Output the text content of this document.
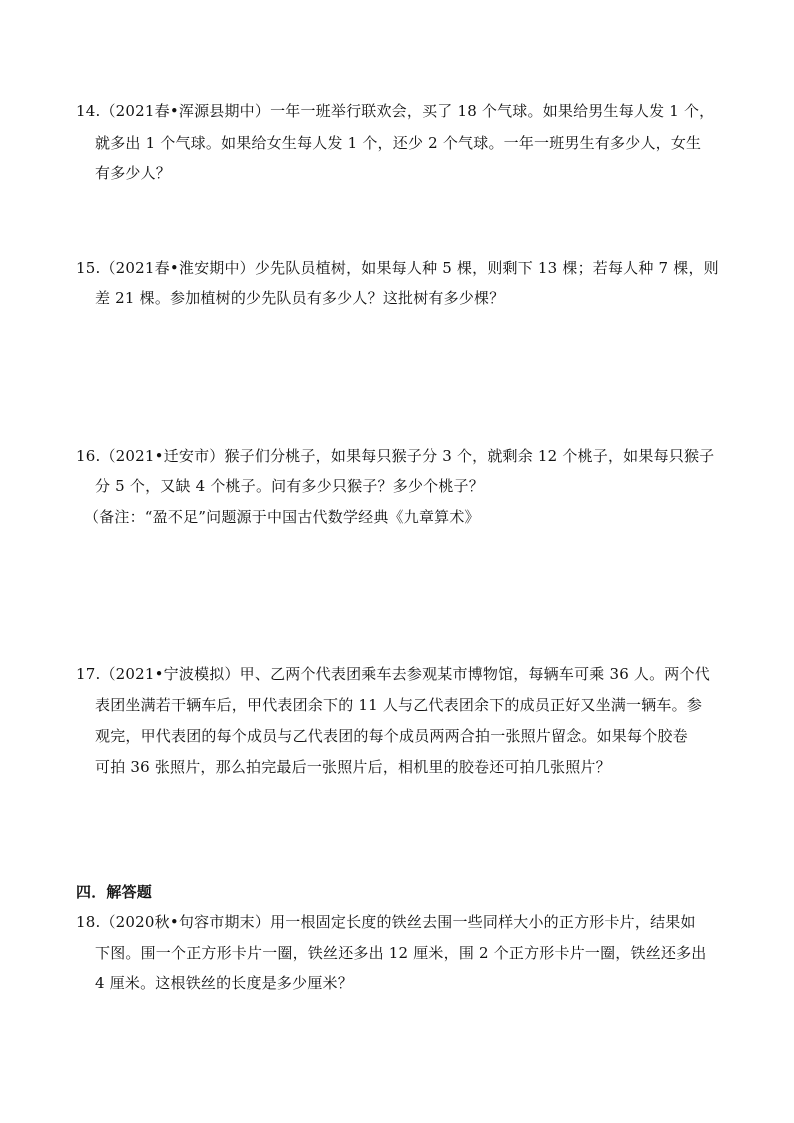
14.（2021春•浑源县期中）一年一班举行联欢会，买了 18 个气球。如果给男生每人发 1 个，
就多出 1 个气球。如果给女生每人发 1 个，还少 2 个气球。一年一班男生有多少人，女生
有多少人？
15.（2021春•淮安期中）少先队员植树，如果每人种 5 棵，则剩下 13 棵；若每人种 7 棵，则
差 21 棵。参加植树的少先队员有多少人？这批树有多少棵？
16.（2021•迁安市）猴子们分桃子，如果每只猴子分 3 个，就剩余 12 个桃子，如果每只猴子
分 5 个，又缺 4 个桃子。问有多少只猴子？多少个桃子？
（备注：“盈不足”问题源于中国古代数学经典《九章算术》
17.（2021•宁波模拟）甲、乙两个代表团乘车去参观某市博物馆，每辆车可乘 36 人。两个代
表团坐满若干辆车后，甲代表团余下的 11 人与乙代表团余下的成员正好又坐满一辆车。参
观完，甲代表团的每个成员与乙代表团的每个成员两两合拍一张照片留念。如果每个胶卷
可拍 36 张照片，那么拍完最后一张照片后，相机里的胶卷还可拍几张照片？
四．解答题
18.（2020秋•句容市期末）用一根固定长度的铁丝去围一些同样大小的正方形卡片，结果如
下图。围一个正方形卡片一圈，铁丝还多出 12 厘米，围 2 个正方形卡片一圈，铁丝还多出
4 厘米。这根铁丝的长度是多少厘米？
